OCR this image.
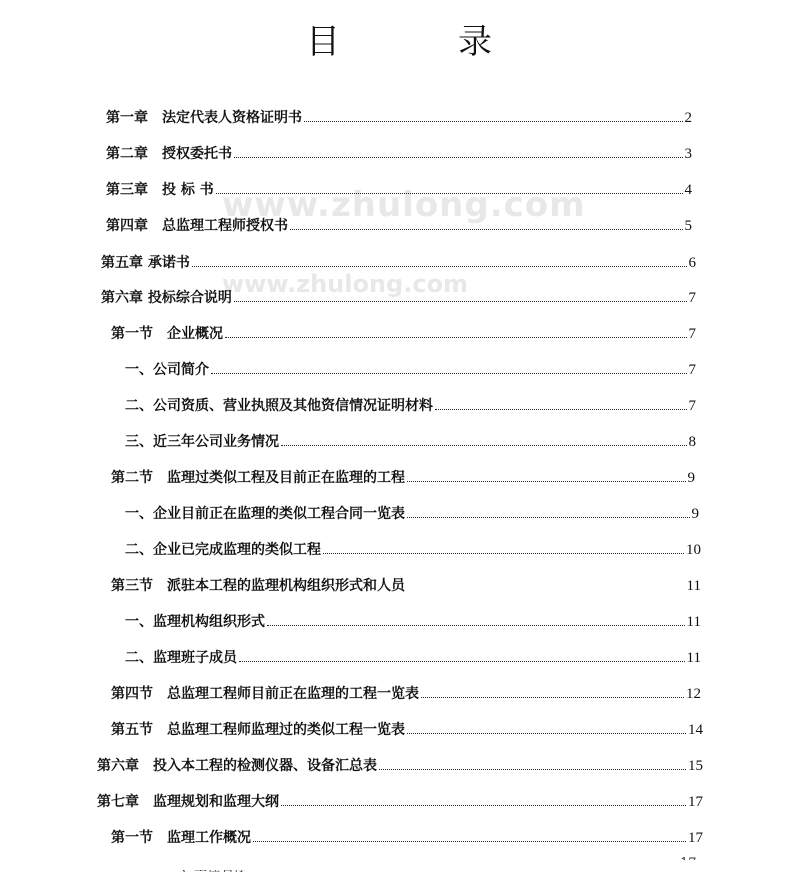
www.zhulong.com
www.zhulong.com
目　录
第一章　法定代表人资格证明书	2
第二章　授权委托书	3
第三章　投 标 书	4
第四章　总监理工程师授权书	5
第五章 承诺书	6
第六章 投标综合说明	7
第一节　企业概况	7
一、公司简介	7
二、公司资质、营业执照及其他资信情况证明材料	7
三、近三年公司业务情况	8
第二节　监理过类似工程及目前正在监理的工程	9
一、企业目前正在监理的类似工程合同一览表	9
二、企业已完成监理的类似工程	10
第三节　派驻本工程的监理机构组织形式和人员	11
一、监理机构组织形式	11
二、监理班子成员	11
第四节　总监理工程师目前正在监理的工程一览表	12
第五节　总监理工程师监理过的类似工程一览表	14
第六章　投入本工程的检测仪器、设备汇总表	15
第七章　监理规划和监理大纲	17
第一节　监理工作概况	17
